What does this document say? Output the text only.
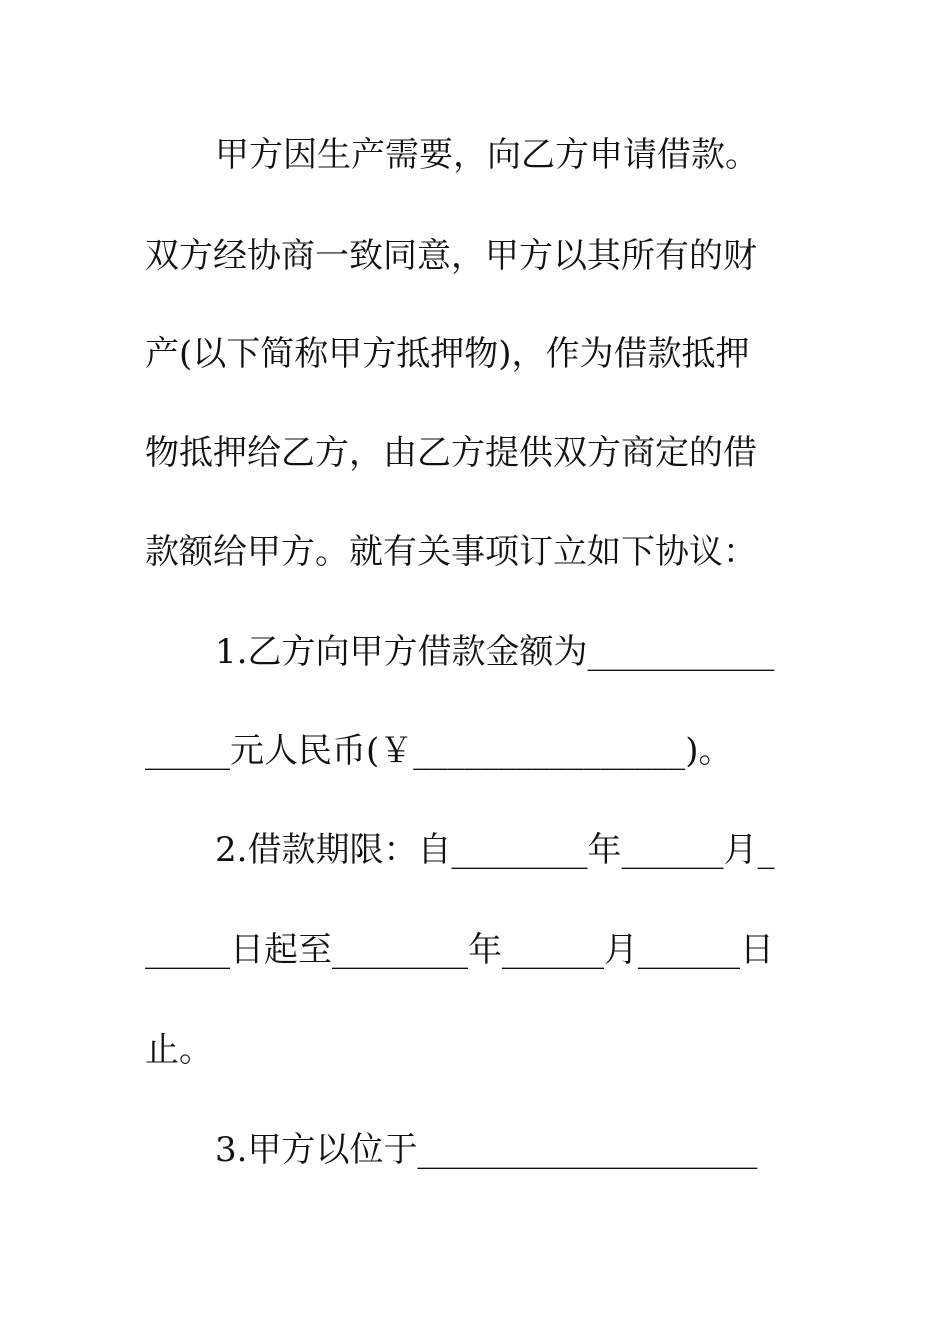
甲方因生产需要，向乙方申请借款。
双方经协商一致同意，甲方以其所有的财
产(以下简称甲方抵押物)，作为借款抵押
物抵押给乙方，由乙方提供双方商定的借
款额给甲方。就有关事项订立如下协议：
1.乙方向甲方借款金额为___________
_____元人民币(￥________________)。
2.借款期限：自________年______月_
_____日起至________年______月______日
止。
3.甲方以位于____________________
